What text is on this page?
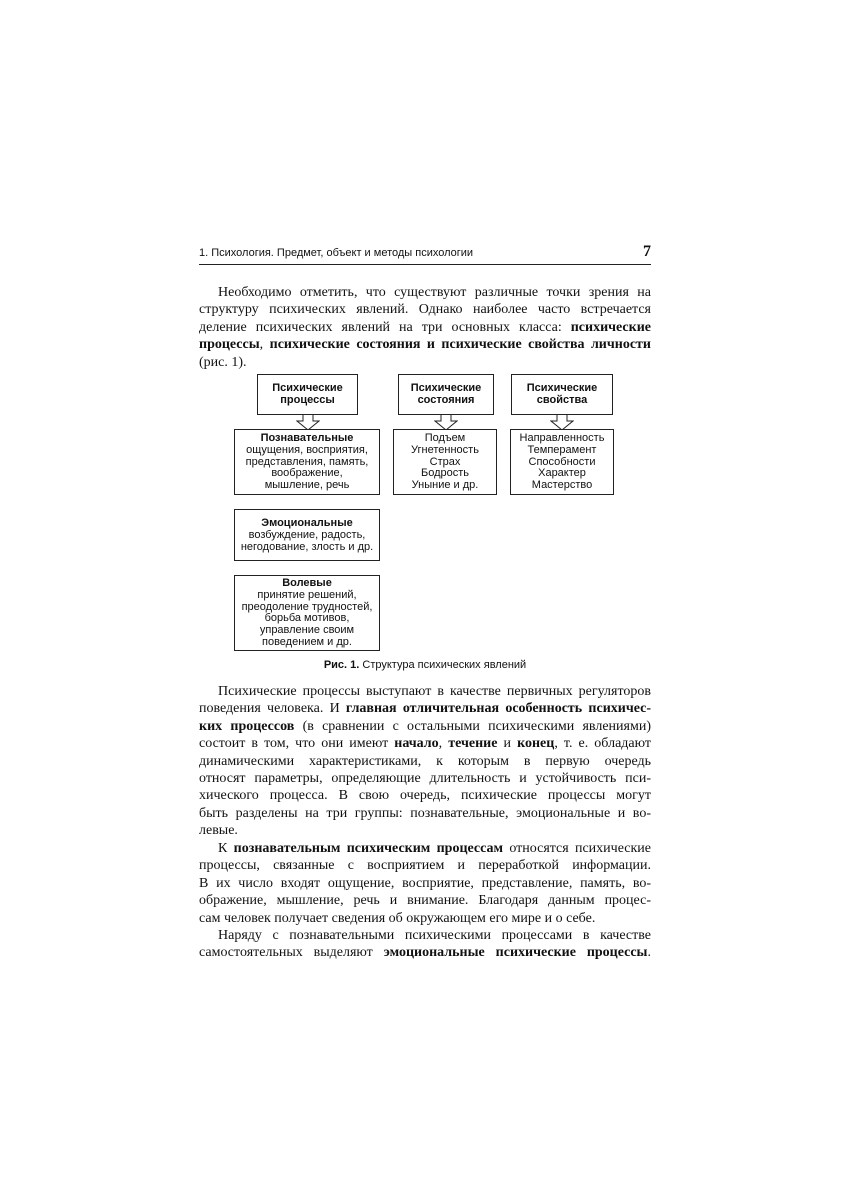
1. Психология. Предмет, объект и методы психологии	7
Необходимо отметить, что существуют различные точки зрения на
структуру психических явлений. Однако наиболее часто встречается
деление психических явлений на три основных класса: психические
процессы, психические состояния и психические свойства личности
(рис. 1).
Психические
процессы
Психические
состояния
Психические
свойства
Познавательные
ощущения, восприятия,
представления, память,
воображение,
мышление, речь
Подъем
Угнетенность
Страх
Бодрость
Уныние и др.
Направленность
Темперамент
Способности
Характер
Мастерство
Эмоциональные
возбуждение, радость,
негодование, злость и др.
Волевые
принятие решений,
преодоление трудностей,
борьба мотивов,
управление своим
поведением и др.
Рис. 1. Структура психических явлений
Психические процессы выступают в качестве первичных регуляторов
поведения человека. И главная отличительная особенность психичес-
ких процессов (в сравнении с остальными психическими явлениями)
состоит в том, что они имеют начало, течение и конец, т. е. обладают
динамическими характеристиками, к которым в первую очередь
относят параметры, определяющие длительность и устойчивость пси-
хического процесса. В свою очередь, психические процессы могут
быть разделены на три группы: познавательные, эмоциональные и во-
левые.
К познавательным психическим процессам относятся психические
процессы, связанные с восприятием и переработкой информации.
В их число входят ощущение, восприятие, представление, память, во-
ображение, мышление, речь и внимание. Благодаря данным процес-
сам человек получает сведения об окружающем его мире и о себе.
Наряду с познавательными психическими процессами в качестве
самостоятельных выделяют эмоциональные психические процессы.
